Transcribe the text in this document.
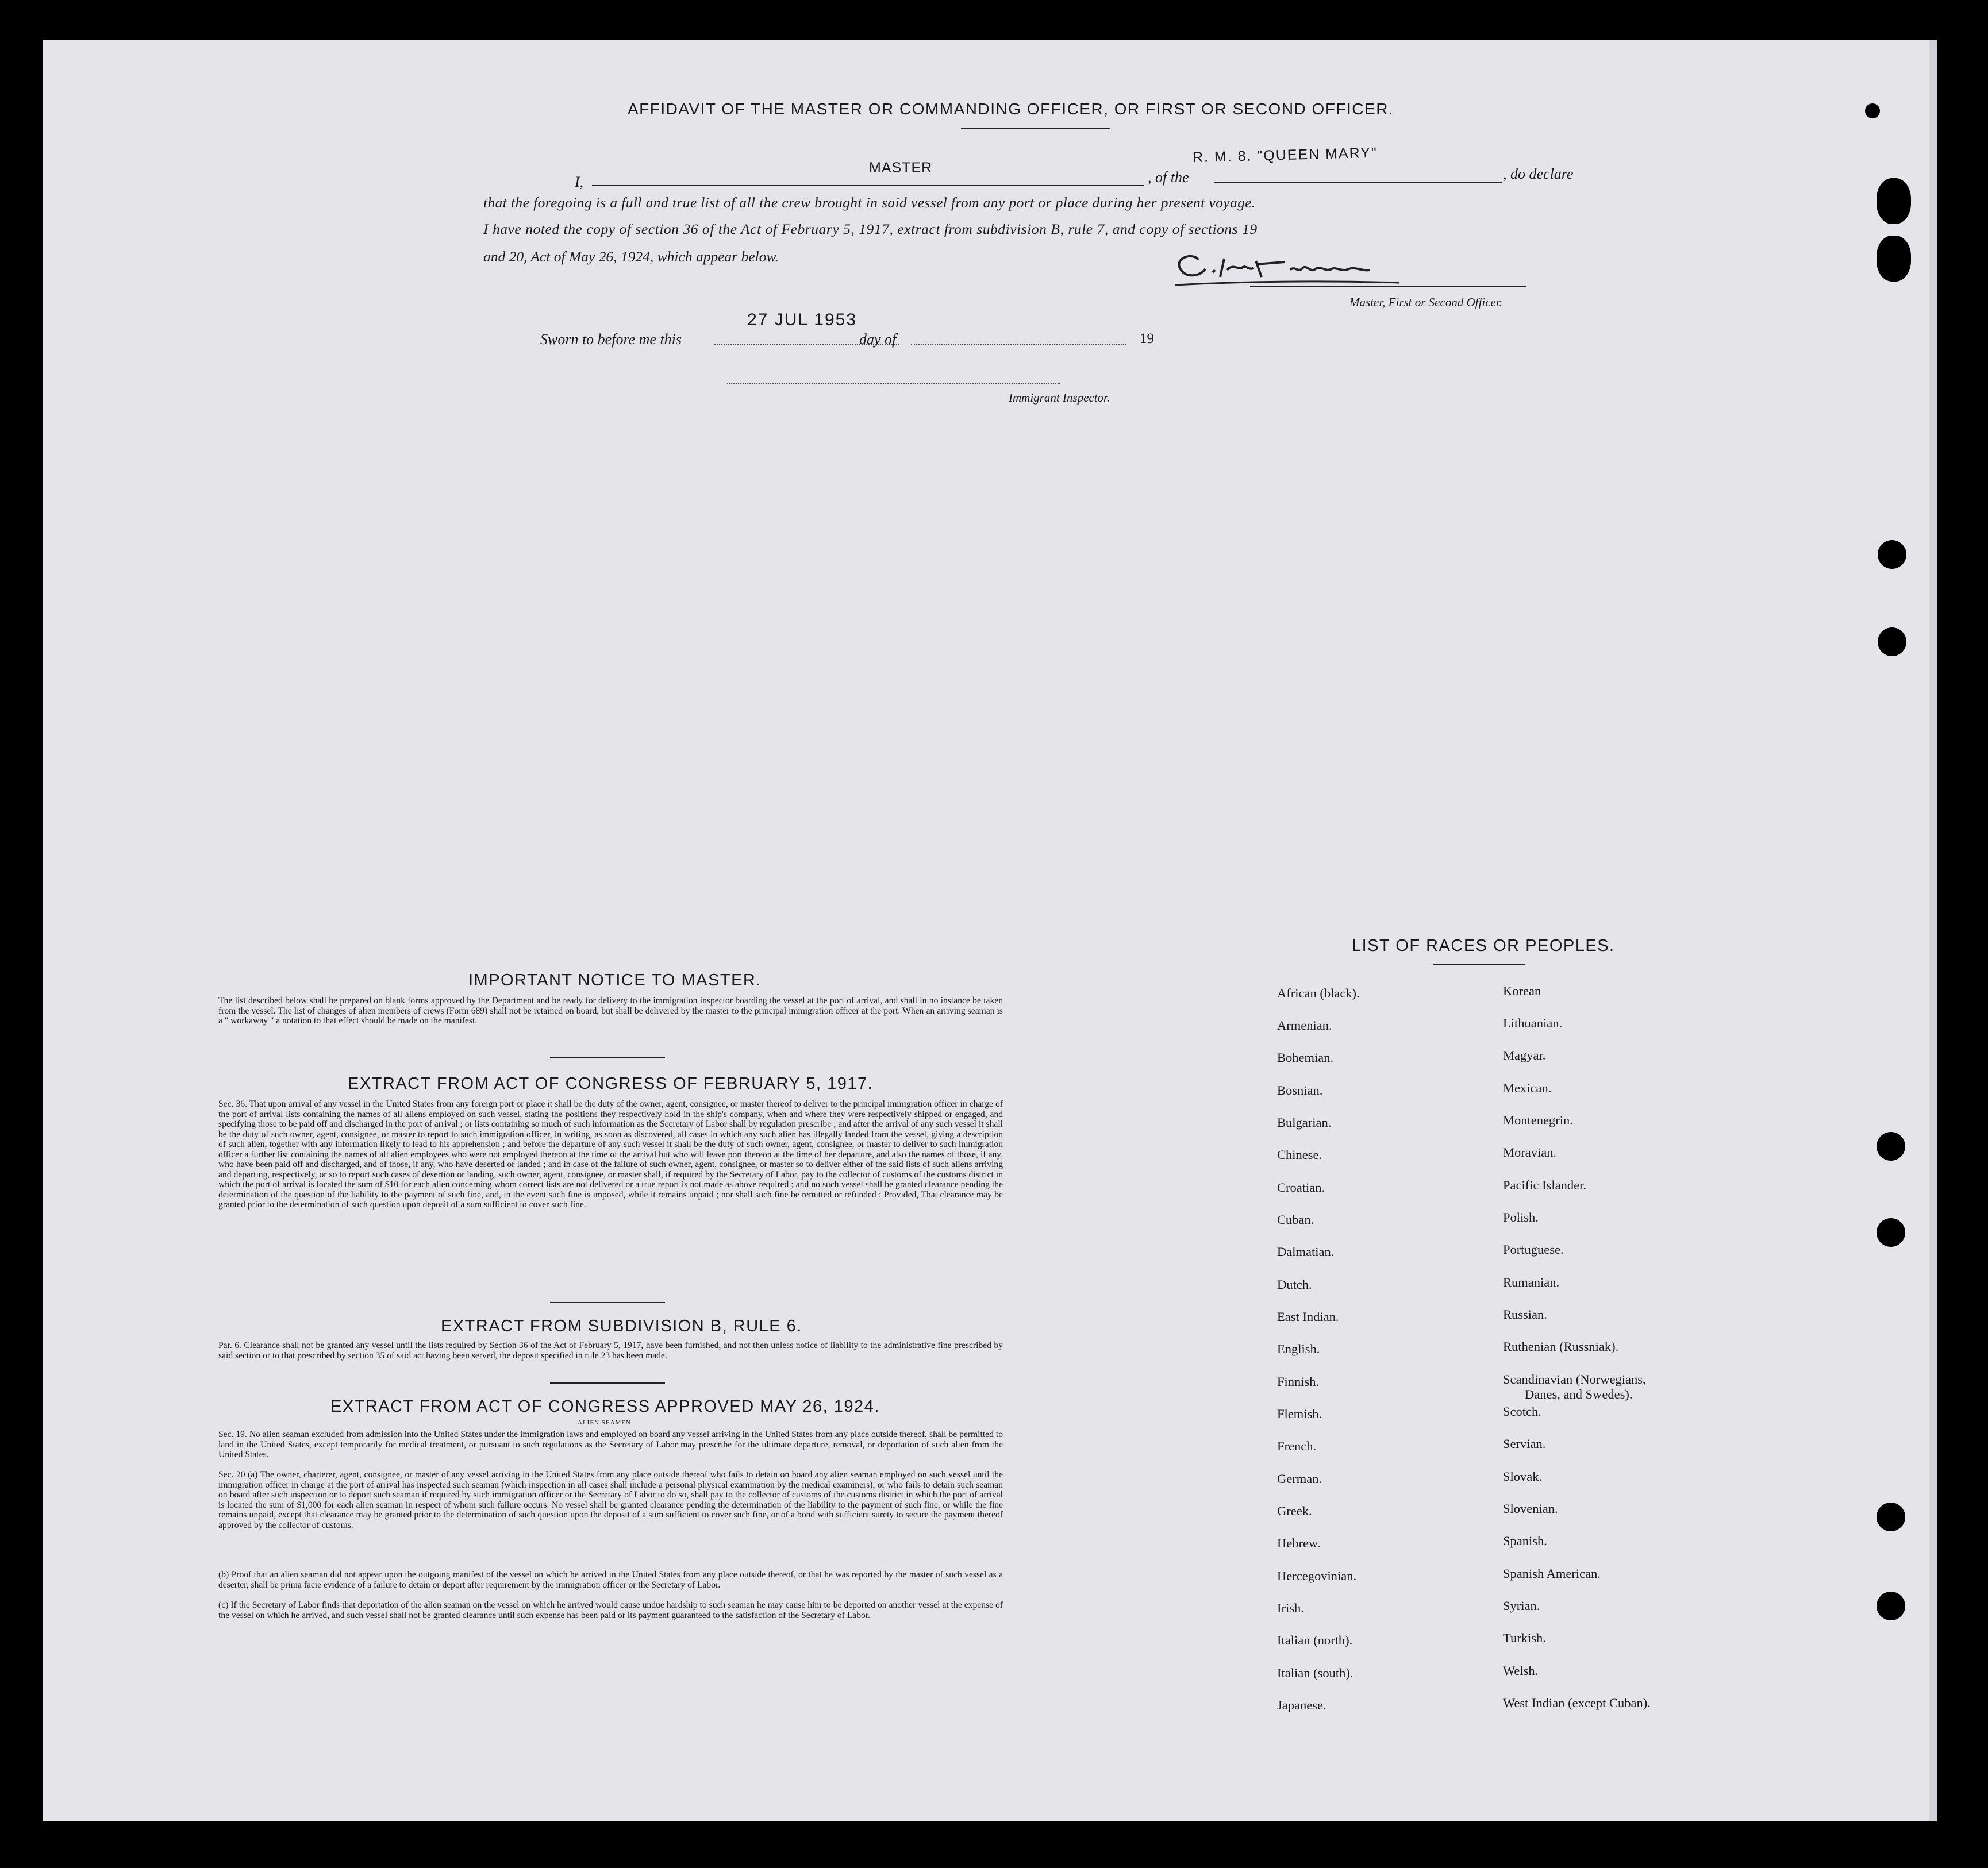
AFFIDAVIT OF THE MASTER OR COMMANDING OFFICER, OR FIRST OR SECOND OFFICER.
I,
MASTER
, of the
R. M. 8. "QUEEN MARY"
, do declare
that the foregoing is a full and true list of all the crew brought in said vessel from any port or place during her present voyage.
I have noted the copy of section 36 of the Act of February 5, 1917, extract from subdivision B, rule 7, and copy of sections 19
and 20, Act of May 26, 1924, which appear below.
Master, First or Second Officer.
Sworn to before me this
27 JUL 1953
day of	19
Immigrant Inspector.
IMPORTANT NOTICE TO MASTER.
The list described below shall be prepared on blank forms approved by the Department and be ready for delivery to the immigration inspector boarding the vessel at the port of arrival, and shall in no instance be taken from the vessel. The list of changes of alien members of crews (Form 689) shall not be retained on board, but shall be delivered by the master to the principal immigration officer at the port. When an arriving seaman is a " workaway " a notation to that effect should be made on the manifest.
EXTRACT FROM ACT OF CONGRESS OF FEBRUARY 5, 1917.
Sec. 36. That upon arrival of any vessel in the United States from any foreign port or place it shall be the duty of the owner, agent, consignee, or master thereof to deliver to the principal immigration officer in charge of the port of arrival lists containing the names of all aliens employed on such vessel, stating the positions they respectively hold in the ship's company, when and where they were respectively shipped or engaged, and specifying those to be paid off and discharged in the port of arrival ; or lists containing so much of such information as the Secretary of Labor shall by regulation prescribe ; and after the arrival of any such vessel it shall be the duty of such owner, agent, consignee, or master to report to such immigration officer, in writing, as soon as discovered, all cases in which any such alien has illegally landed from the vessel, giving a description of such alien, together with any information likely to lead to his apprehension ; and before the departure of any such vessel it shall be the duty of such owner, agent, consignee, or master to deliver to such immigration officer a further list containing the names of all alien employees who were not employed thereon at the time of the arrival but who will leave port thereon at the time of her departure, and also the names of those, if any, who have been paid off and discharged, and of those, if any, who have deserted or landed ; and in case of the failure of such owner, agent, consignee, or master so to deliver either of the said lists of such aliens arriving and departing, respectively, or so to report such cases of desertion or landing, such owner, agent, consignee, or master shall, if required by the Secretary of Labor, pay to the collector of customs of the customs district in which the port of arrival is located the sum of $10 for each alien concerning whom correct lists are not delivered or a true report is not made as above required ; and no such vessel shall be granted clearance pending the determination of the question of the liability to the payment of such fine, and, in the event such fine is imposed, while it remains unpaid ; nor shall such fine be remitted or refunded : Provided, That clearance may be granted prior to the determination of such question upon deposit of a sum sufficient to cover such fine.
EXTRACT FROM SUBDIVISION B, RULE 6.
Par. 6. Clearance shall not be granted any vessel until the lists required by Section 36 of the Act of February 5, 1917, have been furnished, and not then unless notice of liability to the administrative fine prescribed by said section or to that prescribed by section 35 of said act having been served, the deposit specified in rule 23 has been made.
EXTRACT FROM ACT OF CONGRESS APPROVED MAY 26, 1924.
ALIEN SEAMEN
Sec. 19. No alien seaman excluded from admission into the United States under the immigration laws and employed on board any vessel arriving in the United States from any place outside thereof, shall be permitted to land in the United States, except temporarily for medical treatment, or pursuant to such regulations as the Secretary of Labor may prescribe for the ultimate departure, removal, or deportation of such alien from the United States.
Sec. 20 (a) The owner, charterer, agent, consignee, or master of any vessel arriving in the United States from any place outside thereof who fails to detain on board any alien seaman employed on such vessel until the immigration officer in charge at the port of arrival has inspected such seaman (which inspection in all cases shall include a personal physical examination by the medical examiners), or who fails to detain such seaman on board after such inspection or to deport such seaman if required by such immigration officer or the Secretary of Labor to do so, shall pay to the collector of customs of the customs district in which the port of arrival is located the sum of $1,000 for each alien seaman in respect of whom such failure occurs. No vessel shall be granted clearance pending the determination of the liability to the payment of such fine, or while the fine remains unpaid, except that clearance may be granted prior to the determination of such question upon the deposit of a sum sufficient to cover such fine, or of a bond with sufficient surety to secure the payment thereof approved by the collector of customs.
(b) Proof that an alien seaman did not appear upon the outgoing manifest of the vessel on which he arrived in the United States from any place outside thereof, or that he was reported by the master of such vessel as a deserter, shall be prima facie evidence of a failure to detain or deport after requirement by the immigration officer or the Secretary of Labor.
(c) If the Secretary of Labor finds that deportation of the alien seaman on the vessel on which he arrived would cause undue hardship to such seaman he may cause him to be deported on another vessel at the expense of the vessel on which he arrived, and such vessel shall not be granted clearance until such expense has been paid or its payment guaranteed to the satisfaction of the Secretary of Labor.
LIST OF RACES OR PEOPLES.
African (black).
Armenian.
Bohemian.
Bosnian.
Bulgarian.
Chinese.
Croatian.
Cuban.
Dalmatian.
Dutch.
East Indian.
English.
Finnish.
Flemish.
French.
German.
Greek.
Hebrew.
Hercegovinian.
Irish.
Italian (north).
Italian (south).
Japanese.
Korean
Lithuanian.
Magyar.
Mexican.
Montenegrin.
Moravian.
Pacific Islander.
Polish.
Portuguese.
Rumanian.
Russian.
Ruthenian (Russniak).
Scandinavian (Norwegians,
Danes, and Swedes).
Scotch.
Servian.
Slovak.
Slovenian.
Spanish.
Spanish American.
Syrian.
Turkish.
Welsh.
West Indian (except Cuban).
